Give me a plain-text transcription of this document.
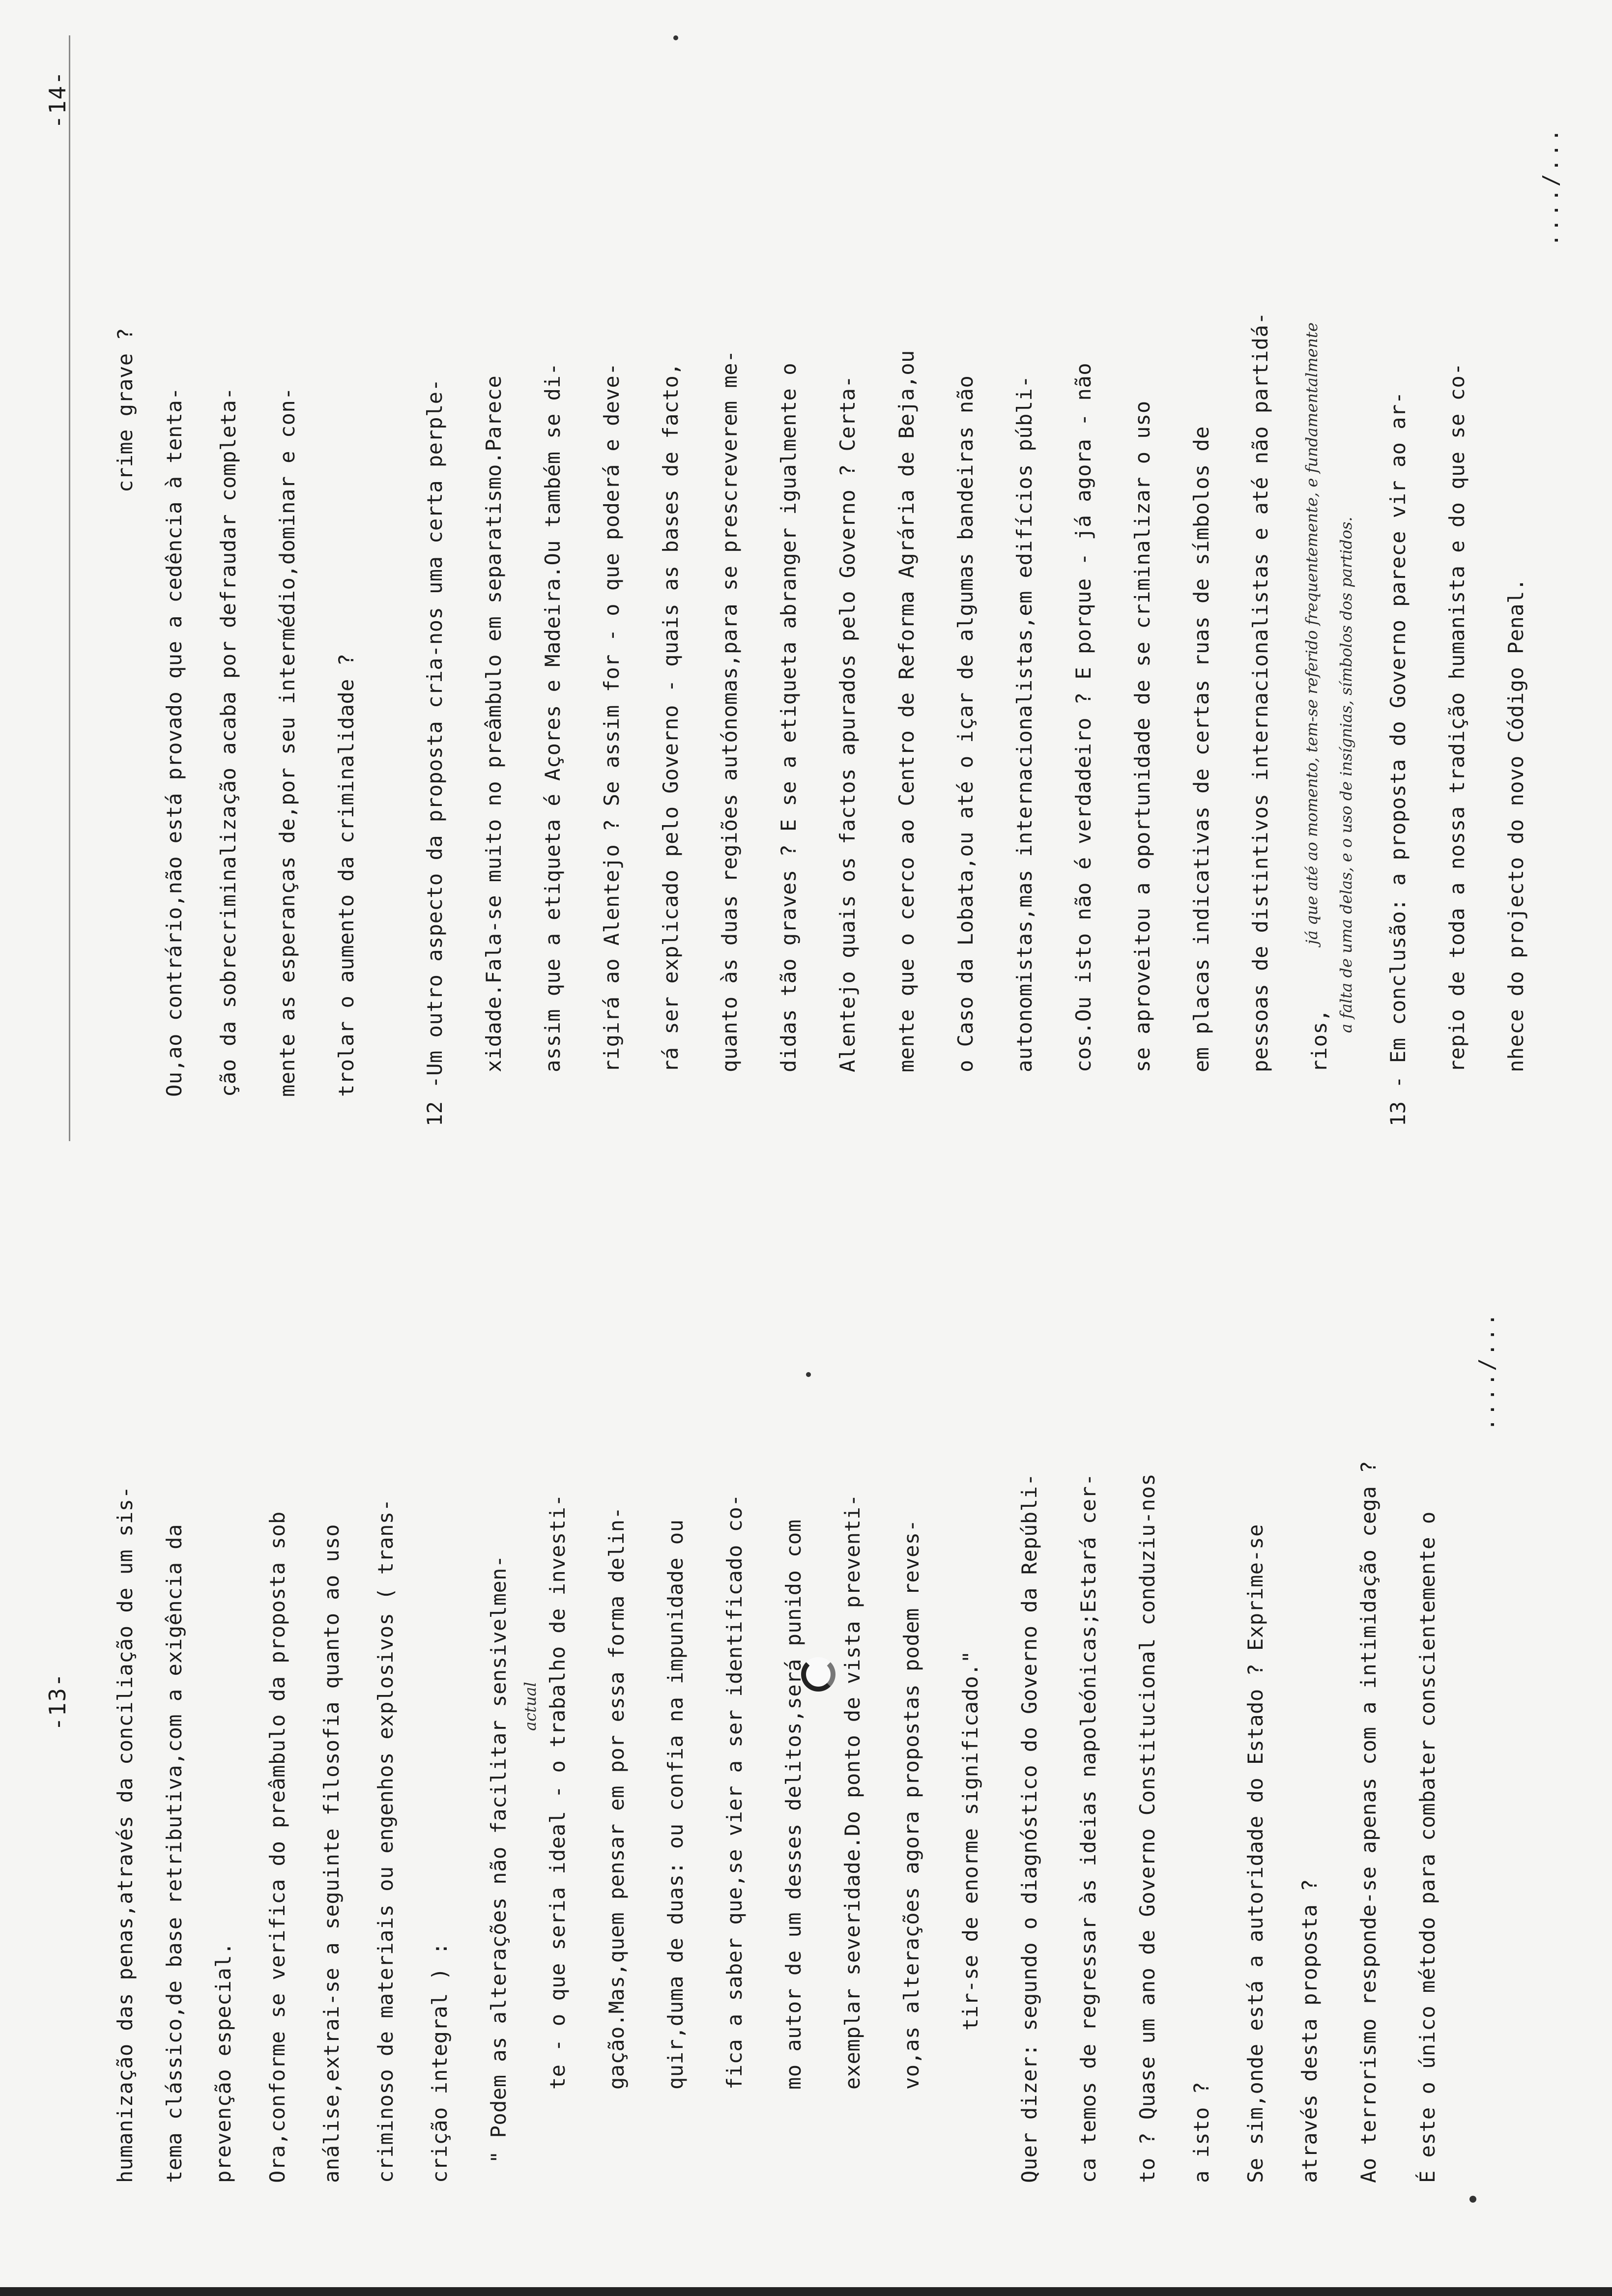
-13- humanização das penas,através da conciliação de um sis- tema clássico,de base retributiva,com a exigência da prevenção especial. Ora,conforme se verifica do preâmbulo da proposta sob análise,extrai-se a seguinte filosofia quanto ao uso criminoso de materiais ou engenhos explosivos ( trans- crição integral ) : " Podem as alterações não facilitar sensivelmen- actual te - o que seria ideal - o trabalho de investi- gação.Mas,quem pensar em por essa forma delin- quir,duma de duas: ou confia na impunidade ou fica a saber que,se vier a ser identificado co- mo autor de um desses delitos,será punido com exemplar severidade.Do ponto de vista preventi- vo,as alterações agora propostas podem reves- tir-se de enorme significado." Quer dizer: segundo o diagnóstico do Governo da Repúbli- ca temos de regressar às ideias napoleónicas;Estará cer- to ? Quase um ano de Governo Constitucional conduziu-nos a isto ? Se sim,onde está a autoridade do Estado ? Exprime-se através desta proposta ? Ao terrorismo responde-se apenas com a intimidação cega ? É este o único método para combater conscientemente o
..../...
-14-
crime grave ? Ou,ao contrário,não está provado que a cedência à tenta- ção da sobrecriminalização acaba por defraudar completa- mente as esperanças de,por seu intermédio,dominar e con- trolar o aumento da criminalidade ?	12 -Um outro aspecto da proposta cria-nos uma certa perple- xidade.Fala-se muito no preâmbulo em separatismo.Parece assim que a etiqueta é Açores e Madeira.Ou também se di- rigirá ao Alentejo ? Se assim for - o que poderá e deve- rá ser explicado pelo Governo - quais as bases de facto, quanto às duas regiões autónomas,para se prescreverem me- didas tão graves ? E se a etiqueta abranger igualmente o Alentejo quais os factos apurados pelo Governo ? Certa- mente que o cerco ao Centro de Reforma Agrária de Beja,ou o Caso da Lobata,ou até o içar de algumas bandeiras não autonomistas,mas internacionalistas,em edifícios públi- cos.Ou isto não é verdadeiro ? E porque - já agora - não se aproveitou a oportunidade de se criminalizar o uso em placas indicativas de certas ruas de símbolos de pessoas de distintivos internacionalistas e até não partidá- rios,
já que até ao momento, tem-se referido frequentemente, e fundamentalmente a falta de uma delas, e o uso de insígnias, símbolos dos partidos. 13 - Em conclusão: a proposta do Governo parece vir ao ar- repio de toda a nossa tradição humanista e do que se co- nhece do projecto do novo Código Penal.
..../...
